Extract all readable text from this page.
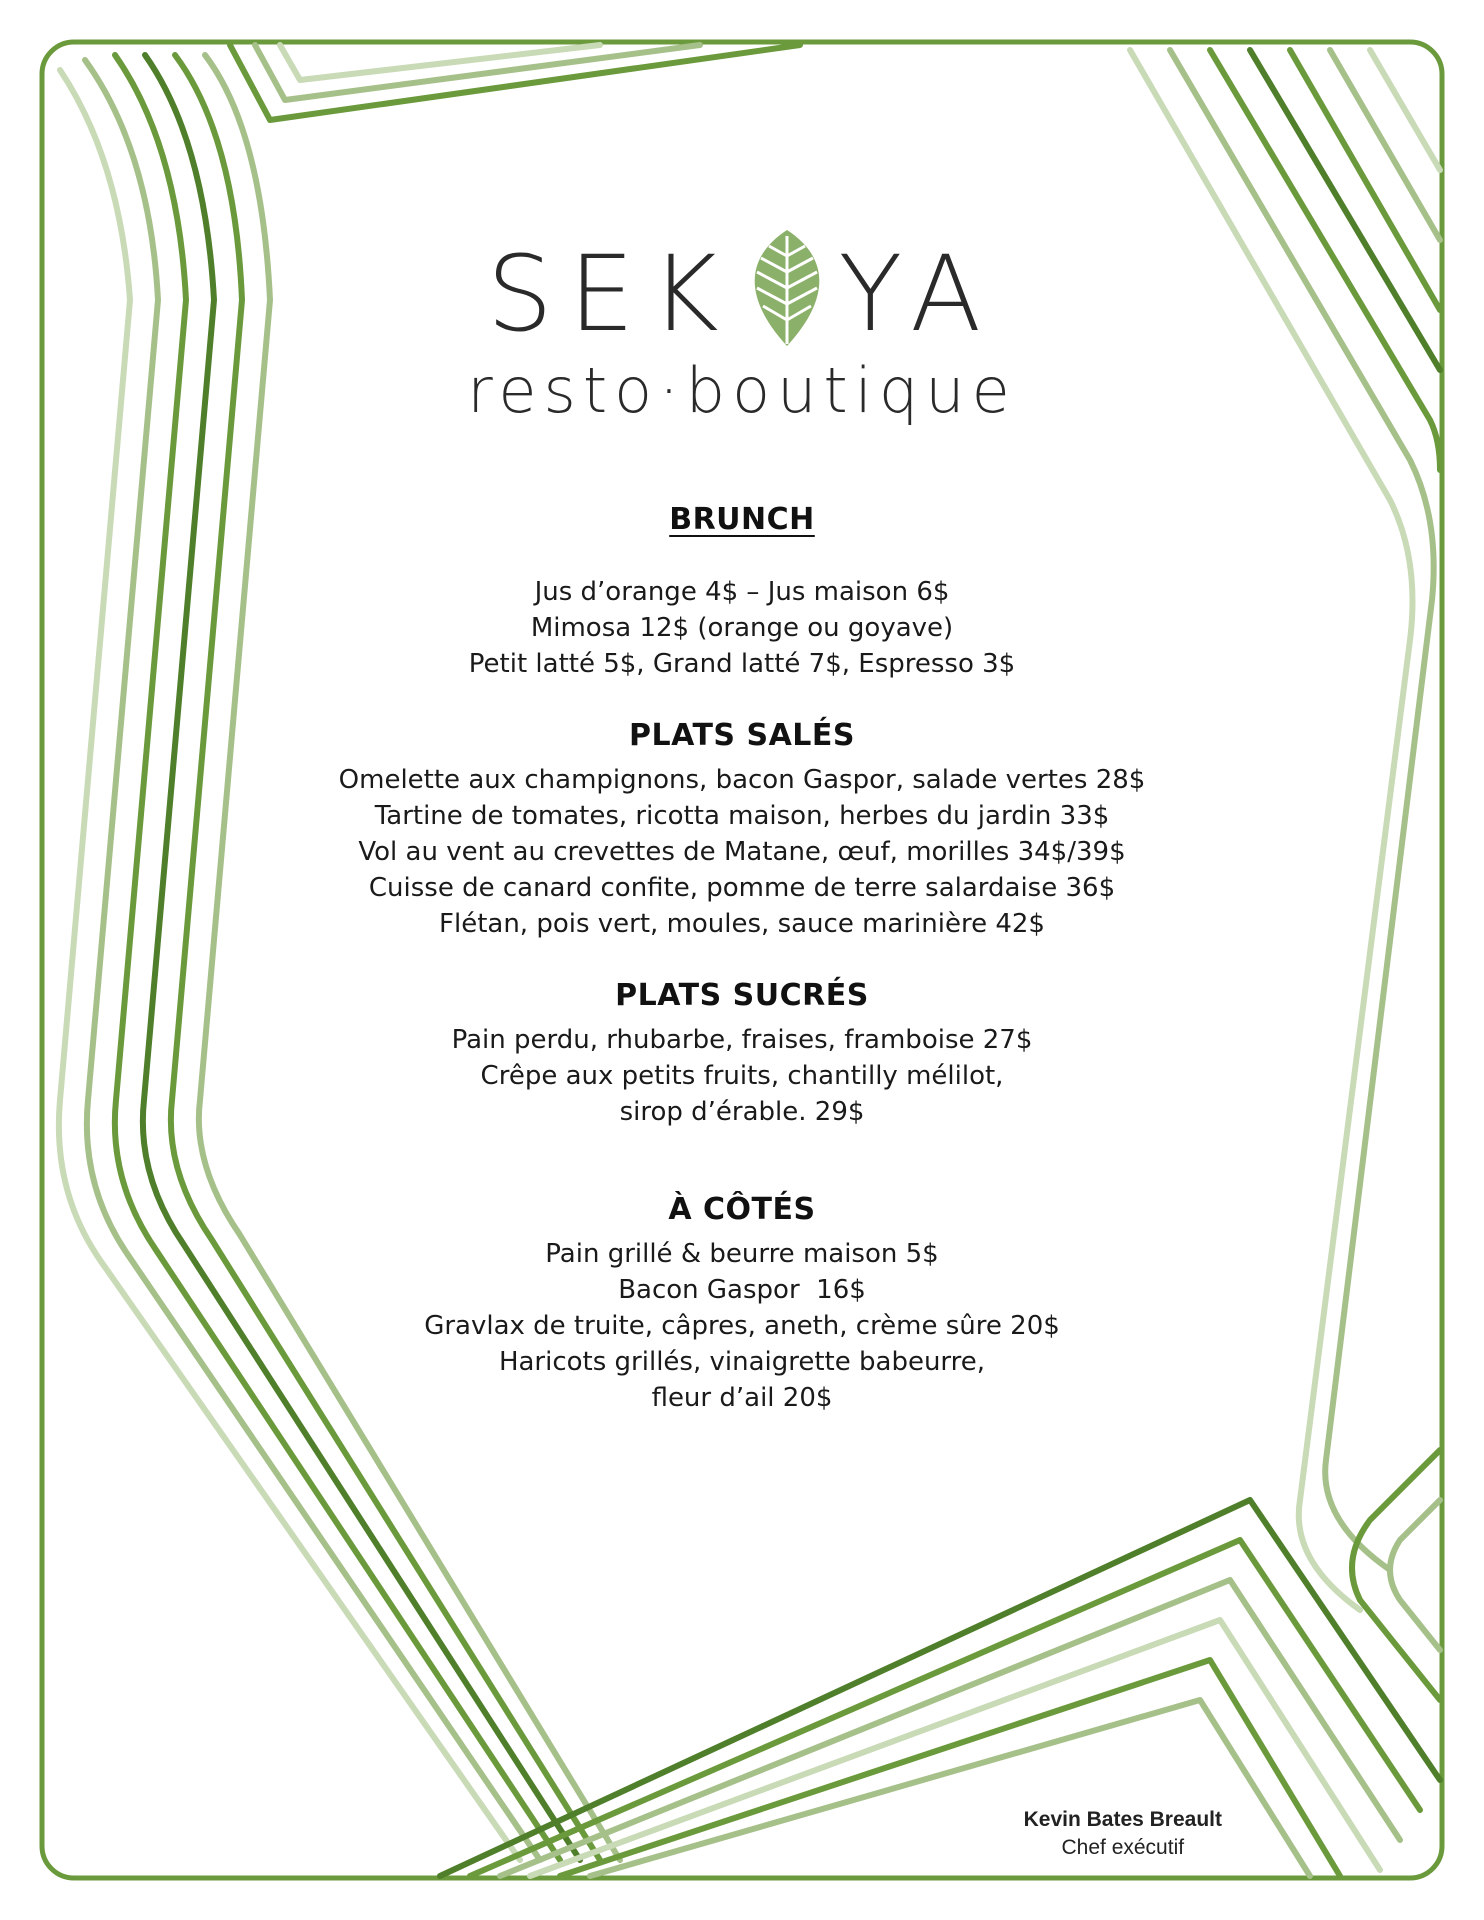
SEK YA
resto·boutique

BRUNCH

Jus d’orange 4$ – Jus maison 6$

Mimosa 12$ (orange ou goyave)

Petit latté 5$, Grand latté 7$, Espresso 3$

PLATS SALÉS

Omelette aux champignons, bacon Gaspor, salade vertes 28$

Tartine de tomates, ricotta maison, herbes du jardin 33$

Vol au vent au crevettes de Matane, œuf, morilles 34$/39$

Cuisse de canard confite, pomme de terre salardaise 36$

Flétan, pois vert, moules, sauce marinière 42$

PLATS SUCRÉS

Pain perdu, rhubarbe, fraises, framboise 27$

Crêpe aux petits fruits, chantilly mélilot,

sirop d’érable. 29$

À CÔTÉS

Pain grillé & beurre maison 5$

Bacon Gaspor  16$

Gravlax de truite, câpres, aneth, crème sûre 20$

Haricots grillés, vinaigrette babeurre,

fleur d’ail 20$

Kevin Bates Breault
Chef exécutif
